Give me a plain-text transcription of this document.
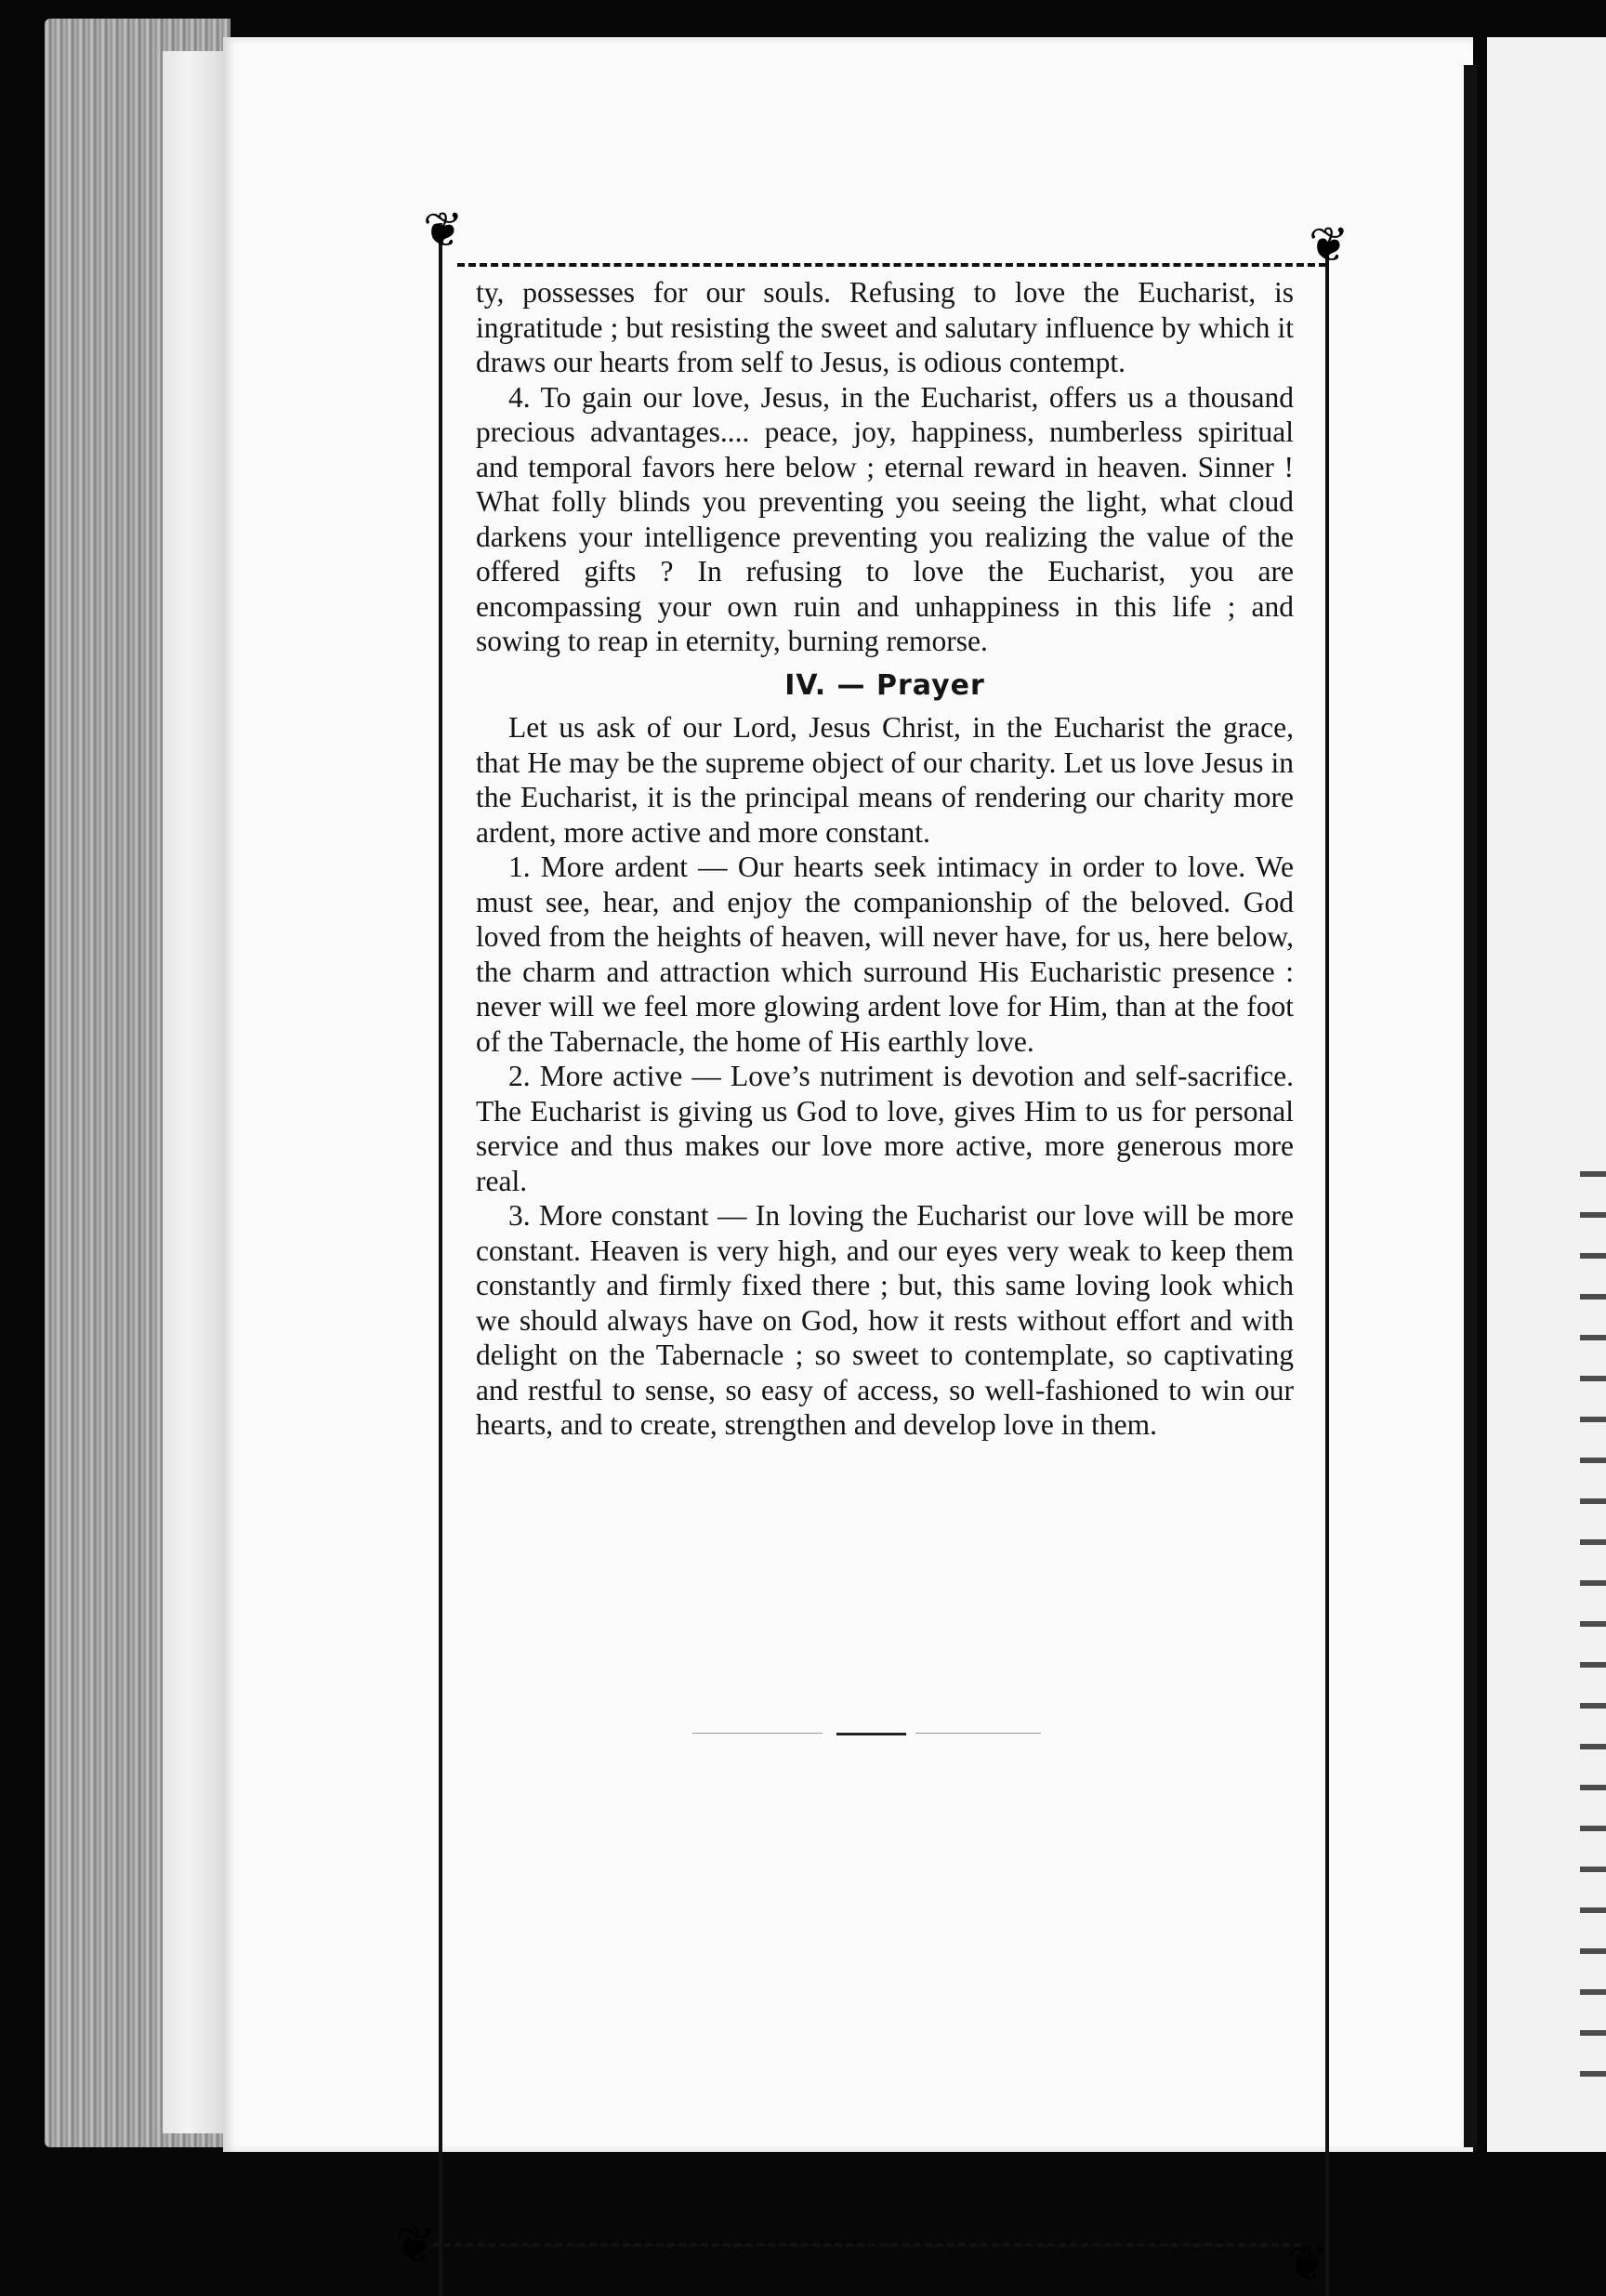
❦	❦
❦	❦

ty, possesses for our souls. Refusing to love the Eucharist, is ingratitude ; but resisting the sweet and salutary influence by which it draws our hearts from self to Jesus, is odious contempt.

4. To gain our love, Jesus, in the Eucharist, offers us a thousand precious advantages.... peace, joy, happiness, numberless spiritual and temporal favors here below ; eternal reward in heaven. Sinner ! What folly blinds you preventing you seeing the light, what cloud darkens your intelligence preventing you realizing the value of the offered gifts ? In refusing to love the Eucharist, you are encompassing your own ruin and unhappiness in this life ; and sowing to reap in eternity, burning remorse.

IV. — Prayer

Let us ask of our Lord, Jesus Christ, in the Eucharist the grace, that He may be the supreme object of our charity. Let us love Jesus in the Eucharist, it is the principal means of rendering our charity more ardent, more active and more constant.

1. More ardent — Our hearts seek intimacy in order to love. We must see, hear, and enjoy the companionship of the beloved. God loved from the heights of heaven, will never have, for us, here below, the charm and attraction which surround His Eucharistic presence : never will we feel more glowing ardent love for Him, than at the foot of the Tabernacle, the home of His earthly love.

2. More active — Love’s nutriment is devotion and self-sacrifice. The Eucharist is giving us God to love, gives Him to us for personal service and thus makes our love more active, more generous more real.

3. More constant — In loving the Eucharist our love will be more constant. Heaven is very high, and our eyes very weak to keep them constantly and firmly fixed there ; but, this same loving look which we should always have on God, how it rests without effort and with delight on the Tabernacle ; so sweet to contemplate, so captivating and restful to sense, so easy of access, so well-fashioned to win our hearts, and to create, strengthen and develop love in them.
